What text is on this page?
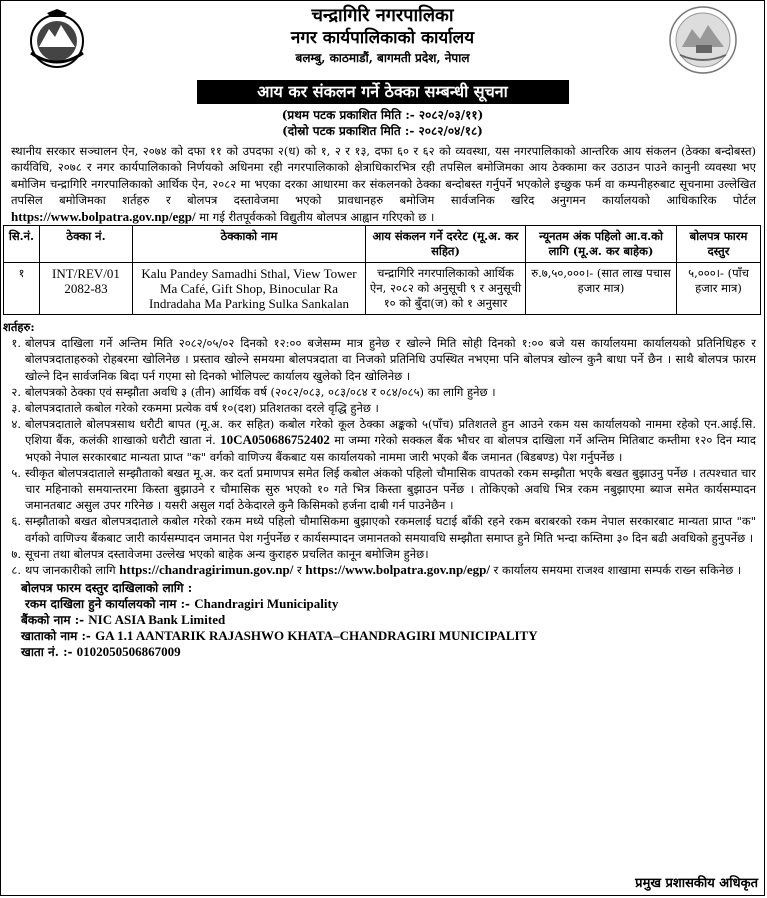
चन्द्रागिरि नगरपालिका
नगर कार्यपालिकाको कार्यालय
बलम्बु, काठमाडौं, बागमती प्रदेश, नेपाल
आय कर संकलन गर्ने ठेक्का सम्बन्धी सूचना
(प्रथम पटक प्रकाशित मिति :- २०८२/०३/११)
(दोस्रो पटक प्रकाशित मिति :- २०८२/०४/१८)
स्थानीय सरकार सञ्चालन ऐन, २०७४ को दफा ११ को उपदफा २(ध) को १, २ र १३, दफा ६० र ६२ को व्यवस्था, यस नगरपालिकाको आन्तरिक आय संकलन (ठेक्का बन्दोबस्त) कार्यविधि, २०७८ र नगर कार्यपालिकाको निर्णयको अधिनमा रही नगरपालिकाको क्षेत्राधिकारभित्र रही तपसिल बमोजिमका आय ठेक्कामा कर उठाउन पाउने कानुनी व्यवस्था भए बमोजिम चन्द्रागिरि नगरपालिकाको आर्थिक ऐन, २०८२ मा भएका दरका आधारमा कर संकलनको ठेक्का बन्दोबस्त गर्नुपर्ने भएकोले इच्छुक फर्म वा कम्पनीहरुबाट सूचनामा उल्लेखित तपसिल बमोजिमका शर्तहरु र बोलपत्र दस्तावेजमा भएको प्रावधानहरु बमोजिम सार्वजनिक खरिद अनुगमन कार्यालयको आधिकारिक पोर्टल https://www.bolpatra.gov.np/egp/ मा गई रीतपूर्वकको विद्युतीय बोलपत्र आह्वान गरिएको छ ।
सि.नं.	ठेक्का नं.	ठेक्काको नाम	आय संकलन गर्ने दररेट (मू.अ. कर सहित)	न्यूनतम अंक पहिलो आ.व.को लागि (मू.अ. कर बाहेक)	बोलपत्र फारम दस्तुर
१	INT/REV/01 2082-83	Kalu Pandey Samadhi Sthal, View Tower Ma Café, Gift Shop, Binocular Ra Indradaha Ma Parking Sulka Sankalan	चन्द्रागिरि नगरपालिकाको आर्थिक ऐन, २०८२ को अनुसूची ९ र अनुसूची १० को बुँदा(ज) को १ अनुसार	रु.७,५०,०००।- (सात लाख पचास हजार मात्र)	५,०००।- (पाँच हजार मात्र)
शर्तहरु:
१. बोलपत्र दाखिला गर्ने अन्तिम मिति २०८२/०५/०२ दिनको १२:०० बजेसम्म मात्र हुनेछ र खोल्ने मिति सोही दिनको १:०० बजे यस कार्यालयमा कार्यालयको प्रतिनिधिहरु र बोलपत्रदाताहरुको रोहबरमा खोलिनेछ । प्रस्ताव खोल्ने समयमा बोलपत्रदाता वा निजको प्रतिनिधि उपस्थित नभएमा पनि बोलपत्र खोल्न कुनै बाधा पर्ने छैन । साथै बोलपत्र फारम खोल्ने दिन सार्वजनिक बिदा पर्न गएमा सो दिनको भोलिपल्ट कार्यालय खुलेको दिन खोलिनेछ ।
२. बोलपत्रको ठेक्का एवं सम्झौता अवधि ३ (तीन) आर्थिक वर्ष (२०८२/०८३, ०८३/०८४ र ०८४/०८५) का लागि हुनेछ ।
३. बोलपत्रदाताले कबोल गरेको रकममा प्रत्येक वर्ष १०(दश) प्रतिशतका दरले वृद्धि हुनेछ ।
४. बोलपत्रदाताले बोलपत्रसाथ धरौटी बापत (मू.अ. कर सहित) कबोल गरेको कूल ठेक्का अङ्कको ५(पाँच) प्रतिशतले हुन आउने रकम यस कार्यालयको नाममा रहेको एन.आई.सि. एशिया बैंक, कलंकी शाखाको धरौटी खाता नं. 10CA050686752402 मा जम्मा गरेको सक्कल बैंक भौचर वा बोलपत्र दाखिला गर्ने अन्तिम मितिबाट कम्तीमा १२० दिन म्याद भएको नेपाल सरकारबाट मान्यता प्राप्त "क" वर्गको वाणिज्य बैंकबाट यस कार्यालयको नाममा जारी भएको बैंक जमानत (बिडबण्ड) पेश गर्नुपर्नेछ ।
५. स्वीकृत बोलपत्रदाताले सम्झौताको बखत मू.अ. कर दर्ता प्रमाणपत्र समेत लिई कबोल अंकको पहिलो चौमासिक वापतको रकम सम्झौता भएकै बखत बुझाउनु पर्नेछ । तत्पश्चात चार चार महिनाको समयान्तरमा किस्ता बुझाउने र चौमासिक सुरु भएको १० गते भित्र किस्ता बुझाउन पर्नेछ । तोकिएको अवधि भित्र रकम नबुझाएमा ब्याज समेत कार्यसम्पादन जमानतबाट असुल उपर गरिनेछ । यसरी असुल गर्दा ठेकेदारले कुनै किसिमको हर्जना दाबी गर्न पाउनेछैन ।
६. सम्झौताको बखत बोलपत्रदाताले कबोल गरेको रकम मध्ये पहिलो चौमासिकमा बुझाएको रकमलाई घटाई बाँकी रहने रकम बराबरको रकम नेपाल सरकारबाट मान्यता प्राप्त "क" वर्गको वाणिज्य बैंकबाट जारी कार्यसम्पादन जमानत पेश गर्नुपर्नेछ र कार्यसम्पादन जमानतको समयावधि सम्झौता समाप्त हुने मिति भन्दा कम्तिमा ३० दिन बढी अवधिको हुनुपर्नेछ ।
७. सूचना तथा बोलपत्र दस्तावेजमा उल्लेख भएको बाहेक अन्य कुराहरु प्रचलित कानून बमोजिम हुनेछ।
८. थप जानकारीको लागि https://chandragirimun.gov.np/ र https://www.bolpatra.gov.np/egp/ र कार्यालय समयमा राजश्व शाखामा सम्पर्क राख्न सकिनेछ ।
बोलपत्र फारम दस्तुर दाखिलाको लागि :
रकम दाखिला हुने कार्यालयको नाम :- Chandragiri Municipality
बैंकको नाम :- NIC ASIA Bank Limited
खाताको नाम :- GA 1.1 AANTARIK RAJASHWO KHATA–CHANDRAGIRI MUNICIPALITY
खाता नं. :- 0102050506867009
प्रमुख प्रशासकीय अधिकृत
